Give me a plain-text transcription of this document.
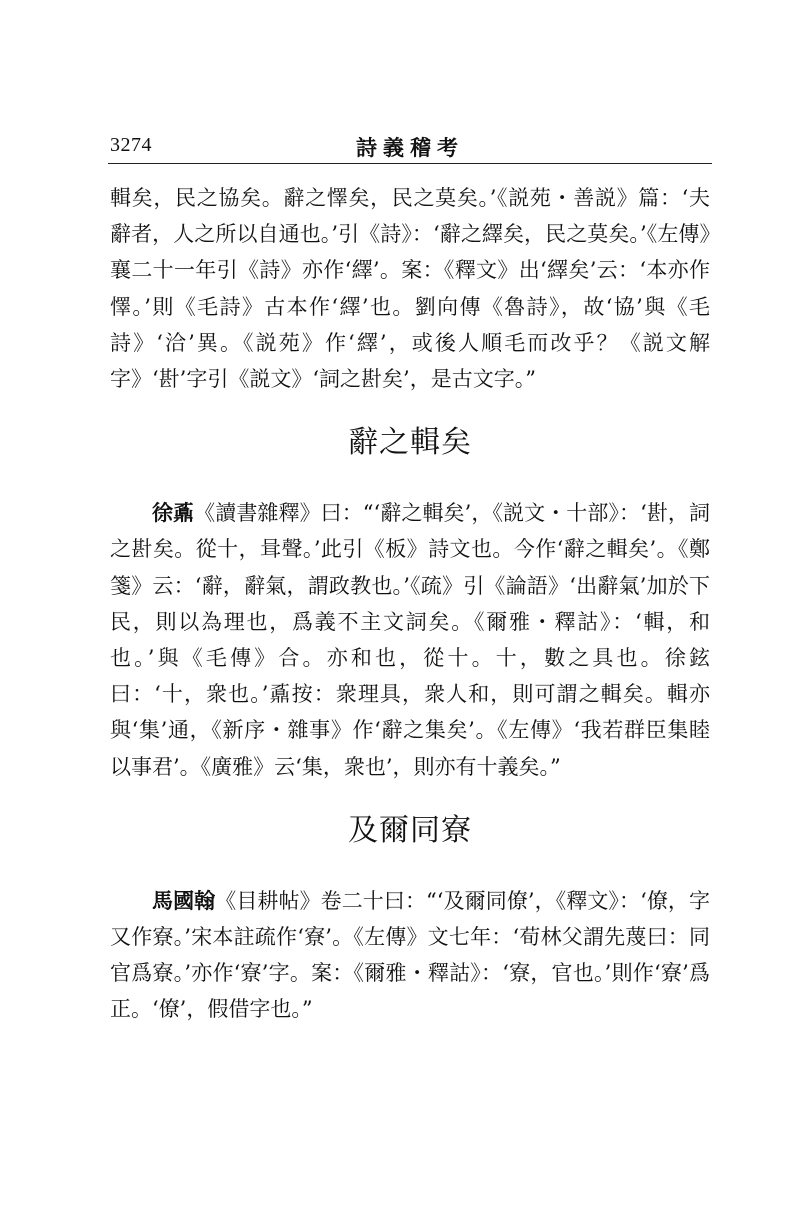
3274	詩義稽考

輯矣，民之協矣。辭之懌矣，民之莫矣。’《説苑・善説》篇：‘夫辭者，人之所以自通也。’引《詩》：‘辭之繹矣，民之莫矣。’《左傳》襄二十一年引《詩》亦作‘繹’。案：《釋文》出‘繹矣’云：‘本亦作懌。’則《毛詩》古本作‘繹’也。劉向傳《魯詩》，故‘協’與《毛詩》‘洽’異。《説苑》作‘繹’，或後人順毛而改乎？《説文解字》‘卙’字引《説文》‘詞之卙矣’，是古文字。”

辭之輯矣

徐鼒《讀書雜釋》曰：“‘辭之輯矣’，《説文・十部》：‘卙，詞之卙矣。從十，咠聲。’此引《板》詩文也。今作‘辭之輯矣’。《鄭箋》云：‘辭，辭氣，謂政教也。’《疏》引《論語》‘出辭氣’加於下民，則以為理也，爲義不主文詞矣。《爾雅・釋詁》：‘輯，和也。’與《毛傳》合。亦和也，從十。十，數之具也。徐鉉曰：‘十，衆也。’鼒按：衆理具，衆人和，則可謂之輯矣。輯亦與‘集’通，《新序・雜事》作‘辭之集矣’。《左傳》‘我若群臣集睦以事君’。《廣雅》云‘集，衆也’，則亦有十義矣。”

及爾同寮

馬國翰《目耕帖》卷二十曰：“‘及爾同僚’，《釋文》：‘僚，字又作寮。’宋本註疏作‘寮’。《左傳》文七年：‘荀林父謂先蔑曰：同官爲寮。’亦作‘寮’字。案：《爾雅・釋詁》：‘寮，官也。’則作‘寮’爲正。‘僚’，假借字也。”
